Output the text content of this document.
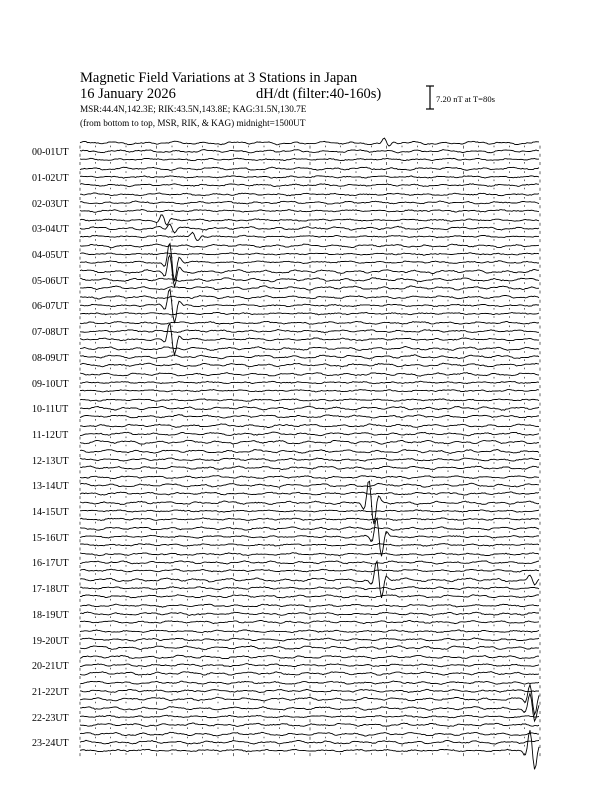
Magnetic Field Variations at 3 Stations in Japan
16 January 2026	dH/dt (filter:40-160s)
MSR:44.4N,142.3E; RIK:43.5N,143.8E; KAG:31.5N,130.7E
(from bottom to top, MSR, RIK, & KAG) midnight=1500UT
7.20 nT at T=80s
00-01UT
01-02UT
02-03UT
03-04UT
04-05UT
05-06UT
06-07UT
07-08UT
08-09UT
09-10UT
10-11UT
11-12UT
12-13UT
13-14UT
14-15UT
15-16UT
16-17UT
17-18UT
18-19UT
19-20UT
20-21UT
21-22UT
22-23UT
23-24UT
